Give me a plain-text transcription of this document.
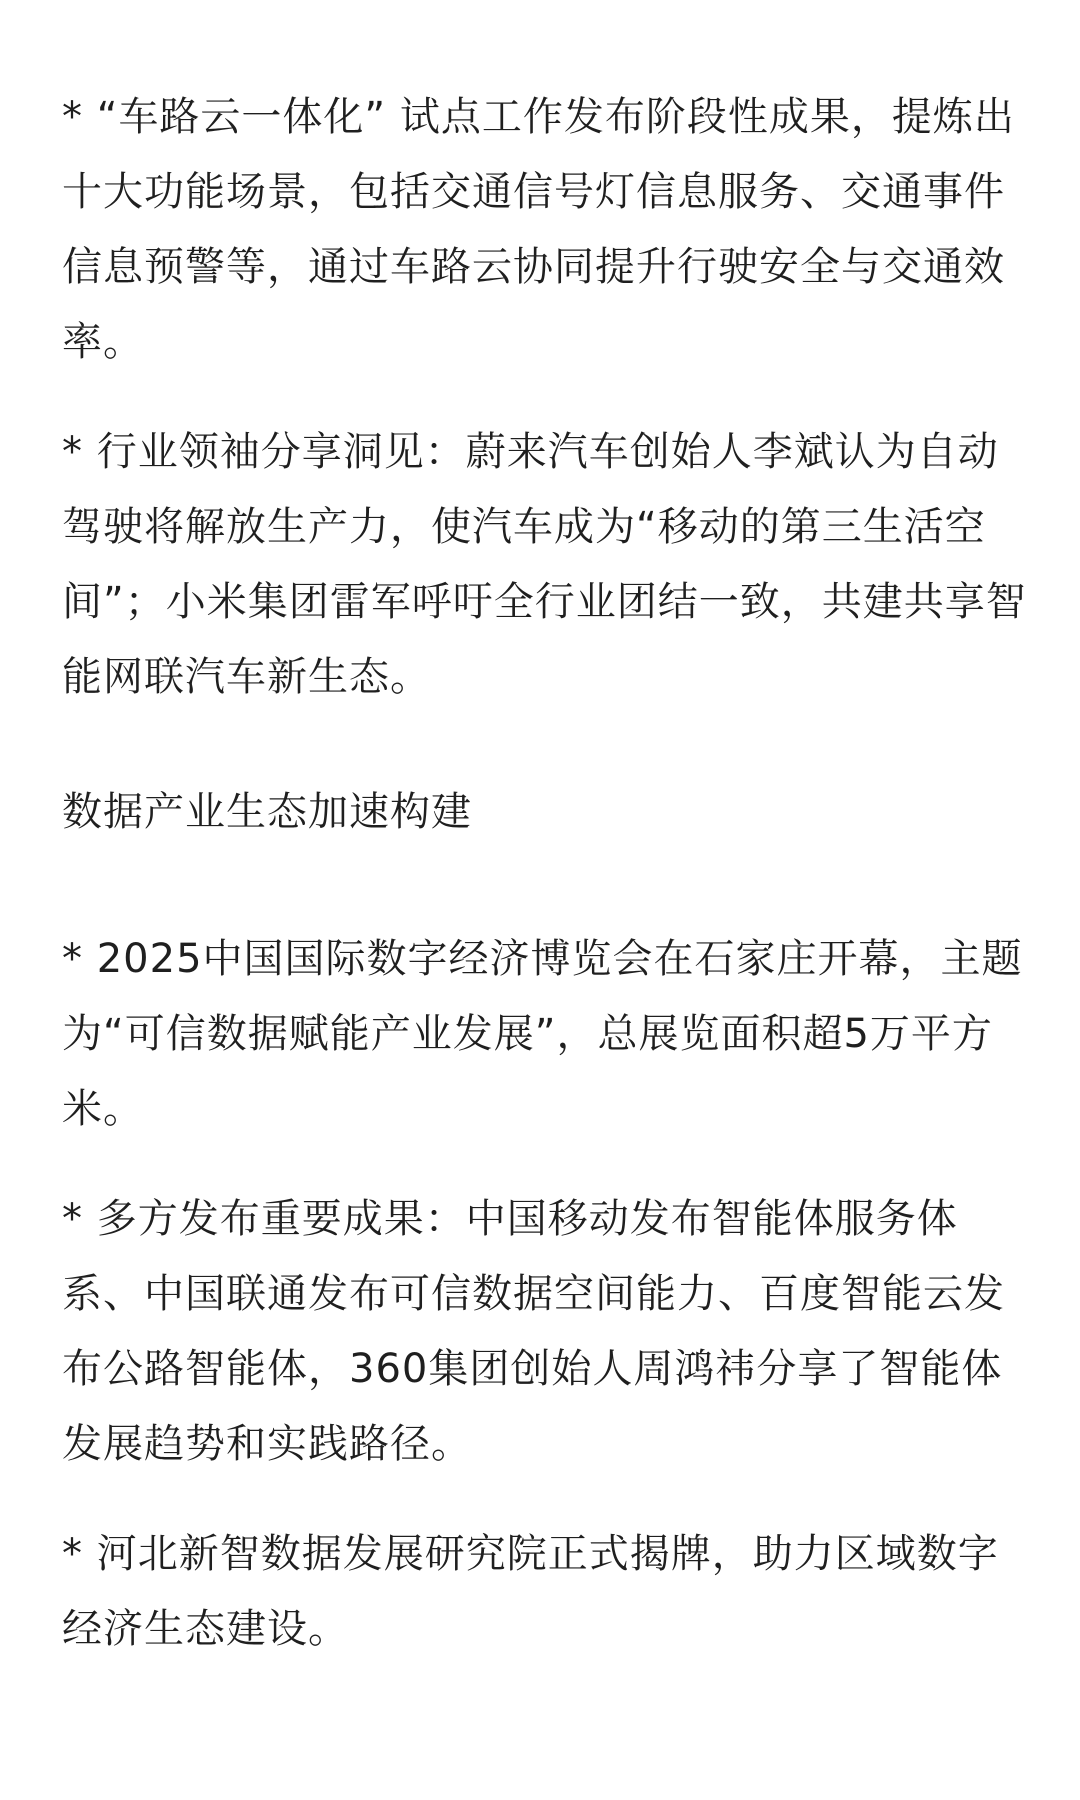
* “车路云一体化” 试点工作发布阶段性成果，提炼出十大功能场景，包括交通信号灯信息服务、交通事件信息预警等，通过车路云协同提升行驶安全与交通效率。

* 行业领袖分享洞见：蔚来汽车创始人李斌认为自动驾驶将解放生产力，使汽车成为“移动的第三生活空间”；小米集团雷军呼吁全行业团结一致，共建共享智能网联汽车新生态。

数据产业生态加速构建

* 2025中国国际数字经济博览会在石家庄开幕，主题为“可信数据赋能产业发展”，总展览面积超5万平方米。

* 多方发布重要成果：中国移动发布智能体服务体系、中国联通发布可信数据空间能力、百度智能云发布公路智能体，360集团创始人周鸿祎分享了智能体发展趋势和实践路径。

* 河北新智数据发展研究院正式揭牌，助力区域数字经济生态建设。
